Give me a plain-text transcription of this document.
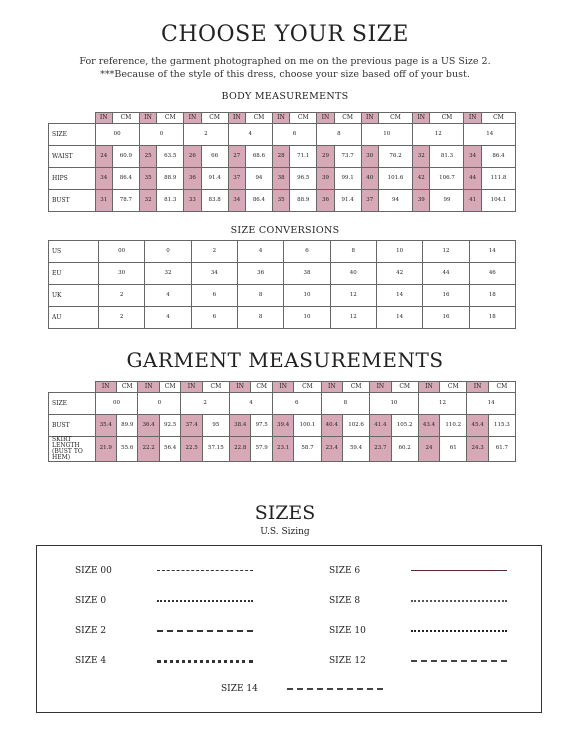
CHOOSE YOUR SIZE
For reference, the garment photographed on me on the previous page is a US Size 2.
***Because of the style of this dress, choose your size based off of your bust.
BODY MEASUREMENTS
	IN	CM	IN	CM	IN	CM	IN	CM	IN	CM	IN	CM	IN	CM	IN	CM	IN	CM
SIZE	00		0		2		4		6		8		10		12		14	
WAIST	24	60.9	25	63.5	26	66	27	68.6	28	71.1	29	73.7	30	76.2	32	81.3	34	86.4
HIPS	34	86.4	35	88.9	36	91.4	37	94	38	96.5	39	99.1	40	101.6	42	106.7	44	111.8
BUST	31	78.7	32	81.3	33	83.8	34	86.4	35	88.9	36	91.4	37	94	39	99	41	104.1
SIZE CONVERSIONS
US	00	0	2	4	6	8	10	12	14
EU	30	32	34	36	38	40	42	44	46
UK	2	4	6	8	10	12	14	16	18
AU	2	4	6	8	10	12	14	16	18
GARMENT MEASUREMENTS
	IN	CM	IN	CM	IN	CM	IN	CM	IN	CM	IN	CM	IN	CM	IN	CM	IN	CM
SIZE	00		0		2		4		6		8		10		12		14	
BUST	35.4	89.9	36.4	92.5	37.4	95	38.4	97.5	39.4	100.1	40.4	102.6	41.4	105.2	43.4	110.2	45.4	115.3
SKIRT LENGTH (BUST TO HEM)	21.9	55.6	22.2	56.4	22.5	57.15	22.8	57.9	23.1	58.7	23.4	59.4	23.7	60.2	24	61	24.3	61.7
SIZES
U.S. Sizing
SIZE 00
SIZE 0
SIZE 2
SIZE 4
SIZE 6
SIZE 8
SIZE 10
SIZE 12
SIZE 14
